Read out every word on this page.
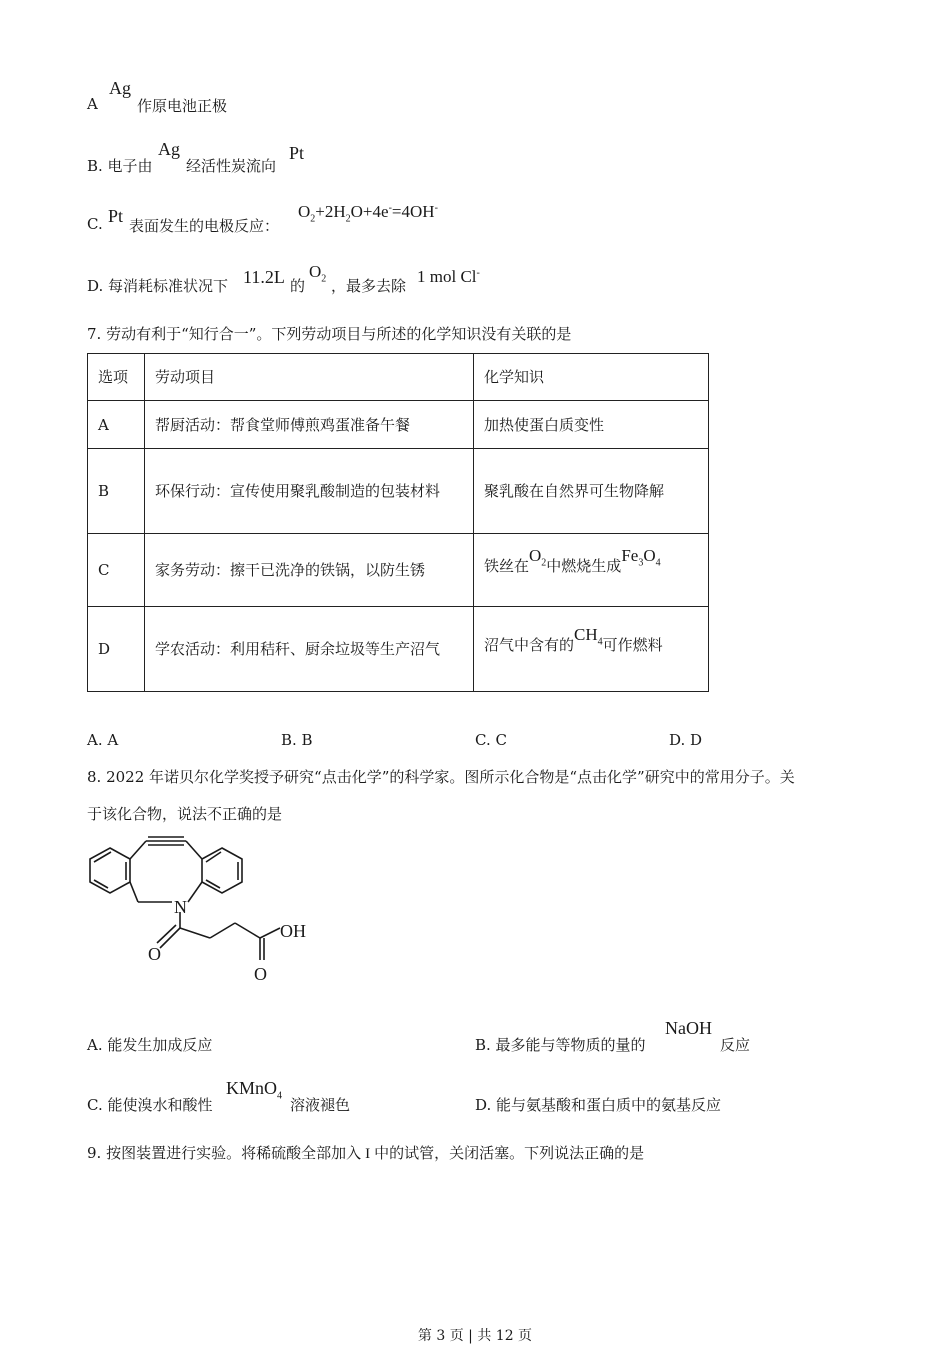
A
Ag
作原电池正极
B. 电子由
Ag
经活性炭流向
Pt
C. Pt 表面发生的电极反应：
$O_2+2H_2O+4e^-=4OH^-$
D. 每消耗标准状况下 11.2L 的
$O_2$ ，最多去除 1 mol Cl-
7. 劳动有利于“知行合一”。下列劳动项目与所述的化学知识没有关联的是
选项	劳动项目	化学知识
A	帮厨活动：帮食堂师傅煎鸡蛋准备午餐	加热使蛋白质变性
B	环保行动：宣传使用聚乳酸制造的包装材料	聚乳酸在自然界可生物降解
C	家务劳动：擦干已洗净的铁锅，以防生锈	铁丝在$O_2$中燃烧生成$Fe_3O_4$
D	学农活动：利用秸秆、厨余垃圾等生产沼气	沼气中含有的$CH_4$可作燃料
A. A	B. B	C. C	D. D
8. 2022 年诺贝尔化学奖授予研究“点击化学”的科学家。图所示化合物是“点击化学”研究中的常用分子。关
于该化合物，说法不正确的是
N
O
OH
O
A. 能发生加成反应	B. 最多能与等物质的量的
NaOH
反应
C. 能使溴水和酸性
KMnO$_4$ 溶液褪色	D. 能与氨基酸和蛋白质中的氨基反应
9. 按图装置进行实验。将稀硫酸全部加入 I 中的试管，关闭活塞。下列说法正确的是
第 3 页 | 共 12 页
